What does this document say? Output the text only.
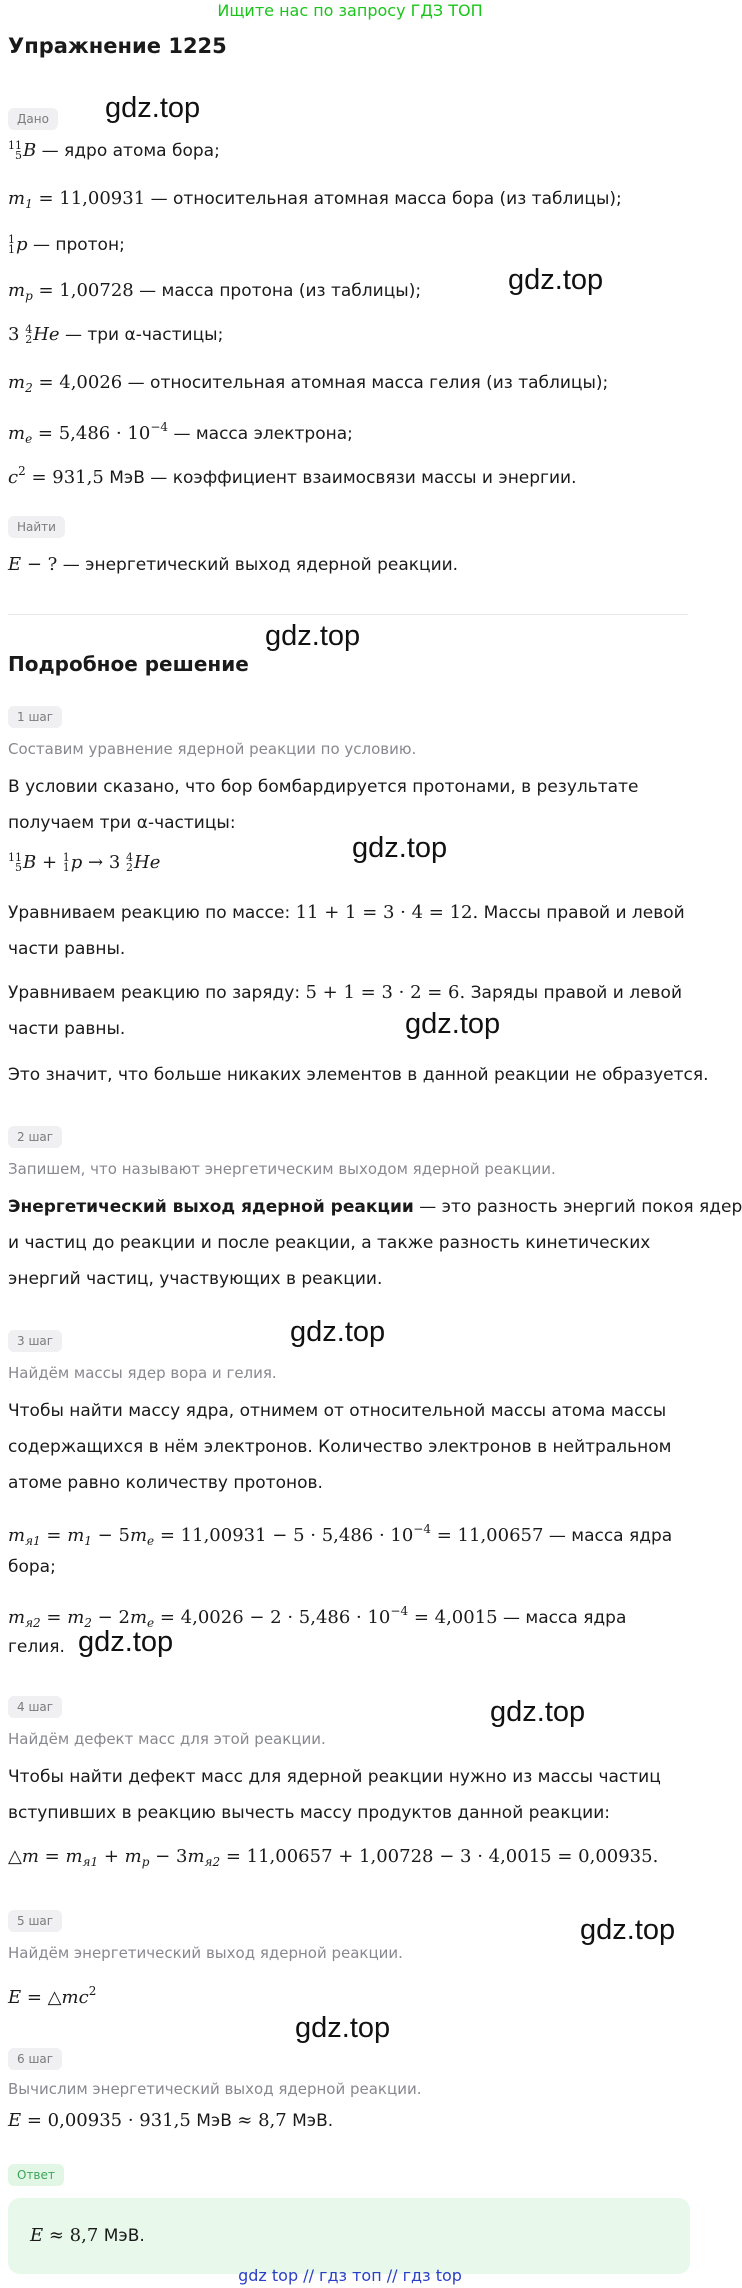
Ищите нас по запросу ГДЗ ТОП
Упражнение 1225
Дано	gdz.top
11
5 B — ядро атома бора;
$m_1 = 11,00931$ — относительная атомная масса бора (из таблицы);
1
1 p — протон;
gdz.top
$m_p = 1,00728$ — масса протона (из таблицы);
3 4
2 He — три α-частицы;
$m_2 = 4,0026$ — относительная атомная масса гелия (из таблицы);
$m_e = 5,486 \cdot 10^{-4}$ — масса электрона;
$c^2 = 931,5$ МэВ — коэффициент взаимосвязи массы и энергии.
Найти
E − ? — энергетический выход ядерной реакции.
gdz.top
Подробное решение
1 шаг
Составим уравнение ядерной реакции по условию.
В условии сказано, что бор бомбардируется протонами, в результате
получаем три α-частицы:
gdz.top
11
5 B + 1
1 p → 3 4
2 He
Уравниваем реакцию по массе: 11 + 1 = 3 · 4 = 12. Массы правой и левой
части равны.
Уравниваем реакцию по заряду: 5 + 1 = 3 · 2 = 6. Заряды правой и левой
gdz.top
части равны.
Это значит, что больше никаких элементов в данной реакции не образуется.
2 шаг
Запишем, что называют энергетическим выходом ядерной реакции.
Энергетический выход ядерной реакции — это разность энергий покоя ядер
и частиц до реакции и после реакции, а также разность кинетических
энергий частиц, участвующих в реакции.
gdz.top
3 шаг
Найдём массы ядер вора и гелия.
Чтобы найти массу ядра, отнимем от относительной массы атома массы
содержащихся в нём электронов. Количество электронов в нейтральном
атоме равно количеству протонов.
$m_{я1} = m_1 - 5m_e = 11,00931 - 5 \cdot 5,486 \cdot 10^{-4} = 11,00657$ — масса ядра
бора;
$m_{я2} = m_2 - 2m_e = 4,0026 - 2 \cdot 5,486 \cdot 10^{-4} = 4,0015$ — масса ядра
гелия. gdz.top
4 шаг	gdz.top
Найдём дефект масс для этой реакции.
Чтобы найти дефект масс для ядерной реакции нужно из массы частиц
вступивших в реакцию вычесть массу продуктов данной реакции:
△m = $m_{я1} + m_p - 3m_{я2} = 11,00657 + 1,00728 - 3 \cdot 4,0015 = 0,00935$.
gdz.top
5 шаг
Найдём энергетический выход ядерной реакции.
$E = \triangle mc^2$
gdz.top
6 шаг
Вычислим энергетический выход ядерной реакции.
E = 0,00935 · 931,5 МэВ ≈ 8,7 МэВ.
Ответ
E ≈ 8,7 МэВ.
gdz top // гдз топ // гдз top
